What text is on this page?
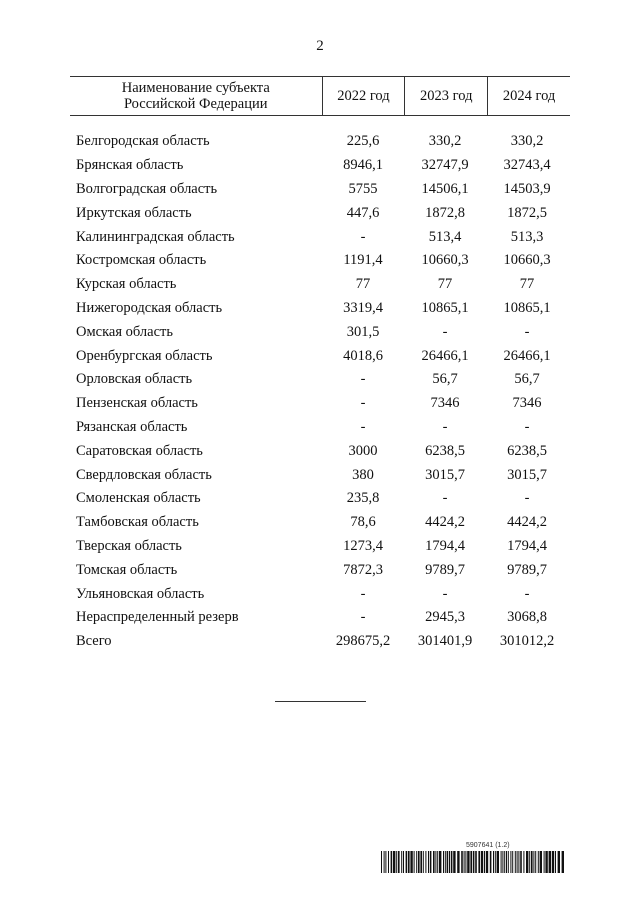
2
Наименование субъекта
Российской Федерации	2022 год	2023 год	2024 год
Белгородская область	225,6	330,2	330,2
Брянская область	8946,1	32747,9	32743,4
Волгоградская область	5755	14506,1	14503,9
Иркутская область	447,6	1872,8	1872,5
Калининградская область	-	513,4	513,3
Костромская область	1191,4	10660,3	10660,3
Курская область	77	77	77
Нижегородская область	3319,4	10865,1	10865,1
Омская область	301,5	-	-
Оренбургская область	4018,6	26466,1	26466,1
Орловская область	-	56,7	56,7
Пензенская область	-	7346	7346
Рязанская область	-	-	-
Саратовская область	3000	6238,5	6238,5
Свердловская область	380	3015,7	3015,7
Смоленская область	235,8	-	-
Тамбовская область	78,6	4424,2	4424,2
Тверская область	1273,4	1794,4	1794,4
Томская область	7872,3	9789,7	9789,7
Ульяновская область	-	-	-
Нераспределенный резерв	-	2945,3	3068,8
Всего	298675,2	301401,9	301012,2
5907641 (1.2)
